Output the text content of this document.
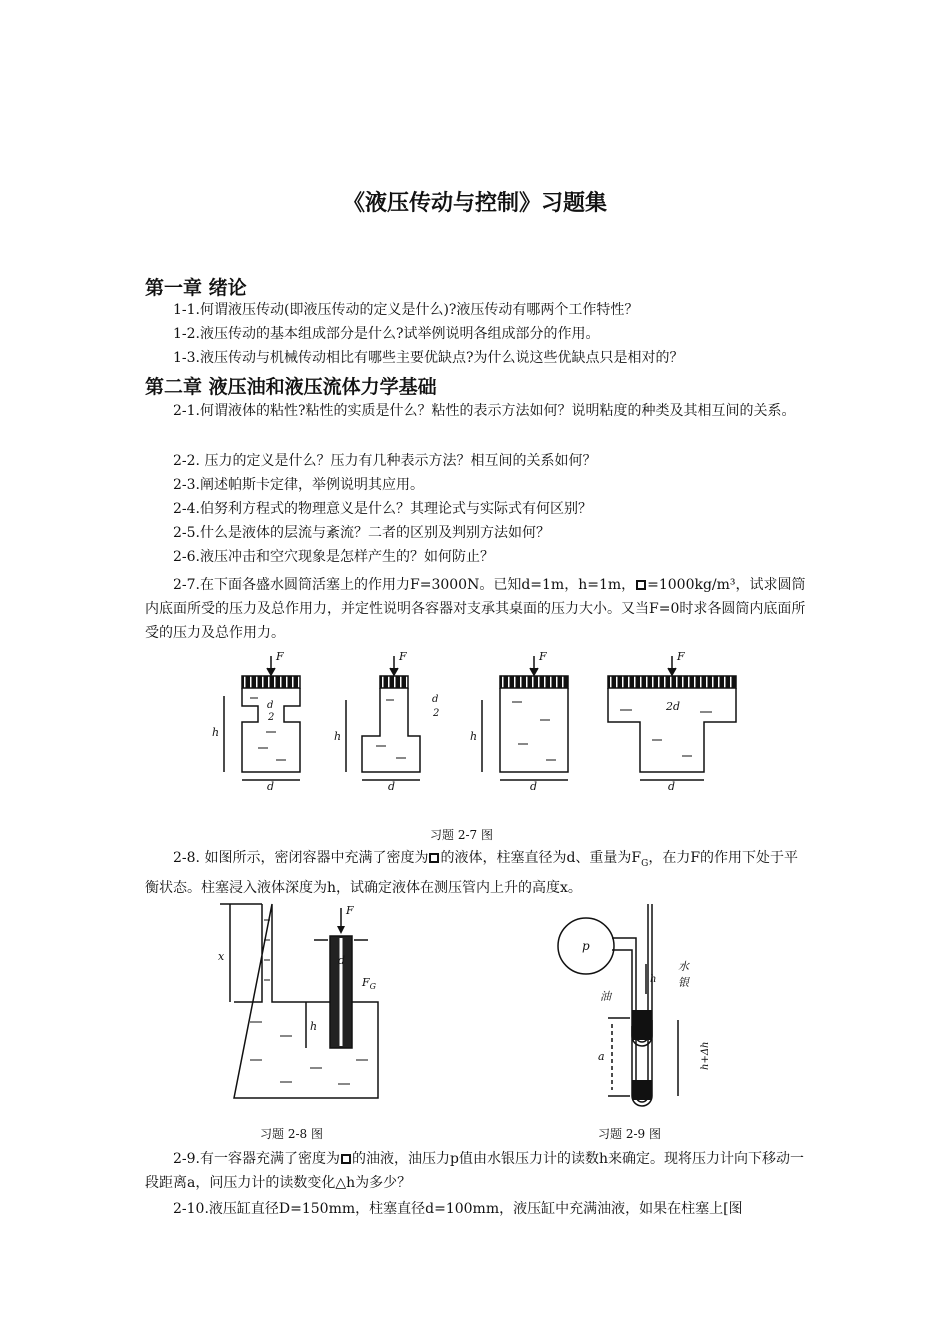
《液压传动与控制》习题集
第一章 绪论
1-1.何谓液压传动(即液压传动的定义是什么)?液压传动有哪两个工作特性？
1-2.液压传动的基本组成部分是什么?试举例说明各组成部分的作用。
1-3.液压传动与机械传动相比有哪些主要优缺点?为什么说这些优缺点只是相对的？
第二章 液压油和液压流体力学基础
2-1.何谓液体的粘性?粘性的实质是什么？粘性的表示方法如何？说明粘度的种类及其相互间的关系。
2-2. 压力的定义是什么？压力有几种表示方法？相互间的关系如何？
2-3.阐述帕斯卡定律，举例说明其应用。
2-4.伯努利方程式的物理意义是什么？其理论式与实际式有何区别？
2-5.什么是液体的层流与紊流？二者的区别及判别方法如何？
2-6.液压冲击和空穴现象是怎样产生的？如何防止？
2-7.在下面各盛水圆筒活塞上的作用力F=3000N。已知d=1m，h=1m， =1000kg/m³，试求圆筒内底面所受的压力及总作用力，并定性说明各容器对支承其桌面的压力大小。又当F=0时求各圆筒内底面所受的压力及总作用力。
F	F	F	F
h	h	h
d
2
d
2
2d
d	d	d	d
习题 2-7 图
2-8. 如图所示，密闭容器中充满了密度为 的液体，柱塞直径为d、重量为$F_G$，在力F的作用下处于平衡状态。柱塞浸入液体深度为h，试确定液体在测压管内上升的高度x。
x
F
d
$F_G$
h
p
油
水
银
h
a	h+Δh
习题 2-8 图	习题 2-9 图
2-9.有一容器充满了密度为 的油液，油压力p值由水银压力计的读数h来确定。现将压力计向下移动一段距离a，问压力计的读数变化△h为多少？
2-10.液压缸直径D=150mm，柱塞直径d=100mm，液压缸中充满油液，如果在柱塞上[图
